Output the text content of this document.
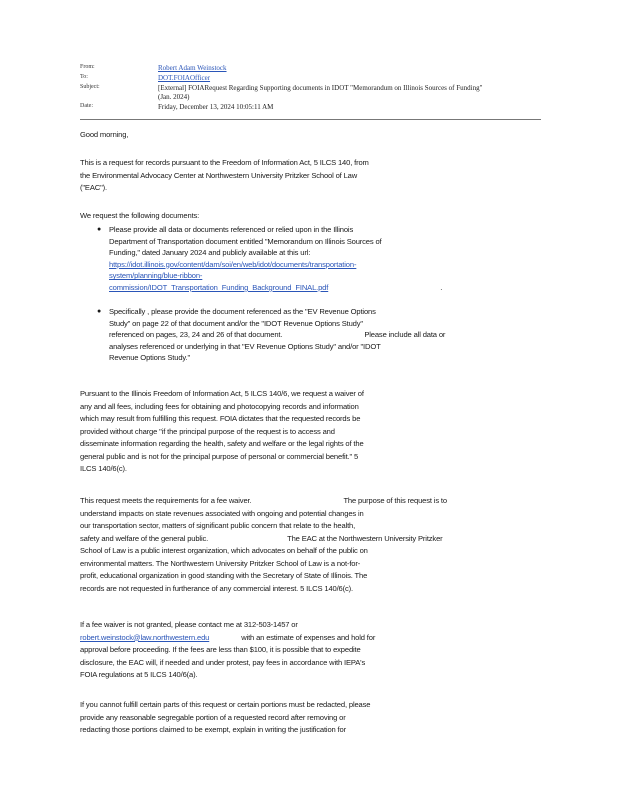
From:	Robert Adam Weinstock
To:	DOT.FOIAOfficer
Subject:	[External] FOIARequest Regarding Supporting documents in IDOT "Memorandum on Illinois Sources of Funding"
(Jan. 2024)
Date:	Friday, December 13, 2024 10:05:11 AM
Good morning,
This is a request for records pursuant to the Freedom of Information Act, 5 ILCS 140, from
the Environmental Advocacy Center at Northwestern University Pritzker School of Law
("EAC").
We request the following documents:
● Please provide all data or documents referenced or relied upon in the Illinois
Department of Transportation document entitled "Memorandum on Illinois Sources of
Funding," dated January 2024 and publicly available at this url:
https://idot.illinois.gov/content/dam/soi/en/web/idot/documents/transportation-
system/planning/blue-ribbon-
commission/IDOT_Transportation_Funding_Background_FINAL.pdf	.
● Specifically , please provide the document referenced as the "EV Revenue Options
Study" on page 22 of that document and/or the "IDOT Revenue Options Study"
referenced on pages, 23, 24 and 26 of that document.	Please include all data or
analyses referenced or underlying in that "EV Revenue Options Study" and/or "IDOT
Revenue Options Study."
Pursuant to the Illinois Freedom of Information Act, 5 ILCS 140/6, we request a waiver of
any and all fees, including fees for obtaining and photocopying records and information
which may result from fulfilling this request. FOIA dictates that the requested records be
provided without charge "if the principal purpose of the request is to access and
disseminate information regarding the health, safety and welfare or the legal rights of the
general public and is not for the principal purpose of personal or commercial benefit." 5
ILCS 140/6(c).
This request meets the requirements for a fee waiver.	The purpose of this request is to
understand impacts on state revenues associated with ongoing and potential changes in
our transportation sector, matters of significant public concern that relate to the health,
safety and welfare of the general public.	The EAC at the Northwestern University Pritzker
School of Law is a public interest organization, which advocates on behalf of the public on
environmental matters. The Northwestern University Pritzker School of Law is a not-for-
profit, educational organization in good standing with the Secretary of State of Illinois. The
records are not requested in furtherance of any commercial interest. 5 ILCS 140/6(c).
If a fee waiver is not granted, please contact me at 312-503-1457 or
robert.weinstock@law.northwestern.edu	with an estimate of expenses and hold for
approval before proceeding. If the fees are less than $100, it is possible that to expedite
disclosure, the EAC will, if needed and under protest, pay fees in accordance with IEPA's
FOIA regulations at 5 ILCS 140/6(a).
If you cannot fulfill certain parts of this request or certain portions must be redacted, please
provide any reasonable segregable portion of a requested record after removing or
redacting those portions claimed to be exempt, explain in writing the justification for
